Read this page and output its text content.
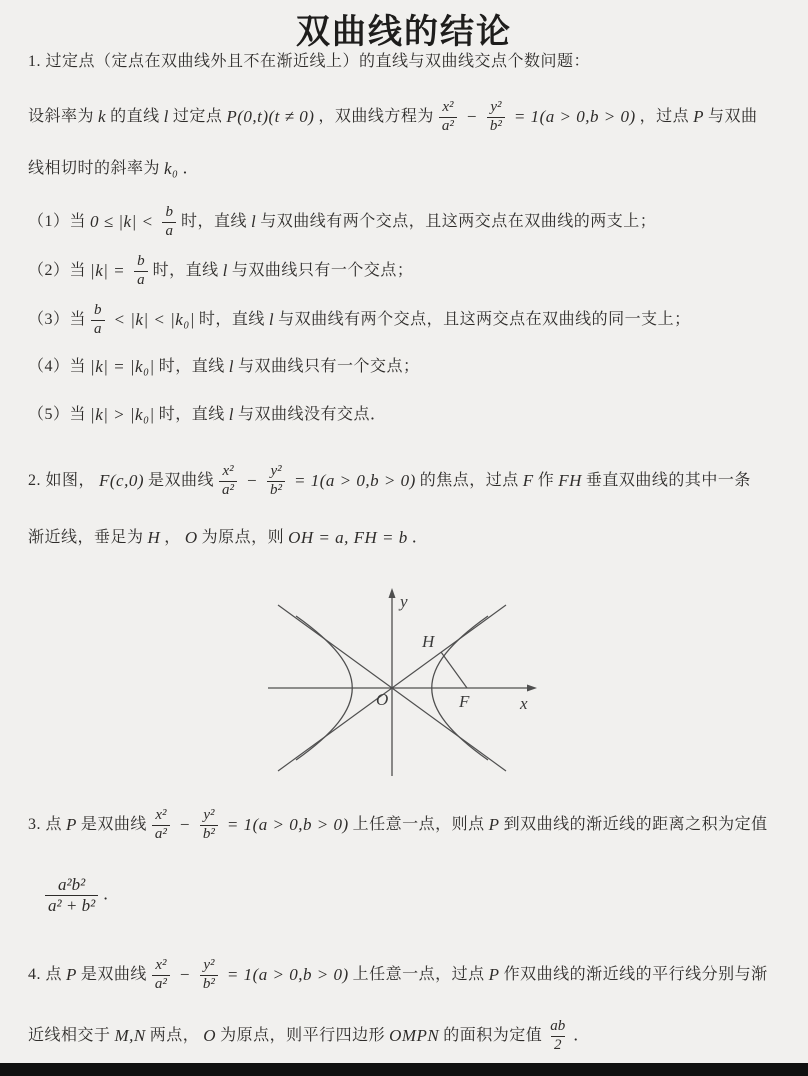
双曲线的结论
1. 过定点（定点在双曲线外且不在渐近线上）的直线与双曲线交点个数问题：
设斜率为 k 的直线 l 过定点 P(0,t)(t ≠ 0) ，双曲线方程为 $\frac{\text{x²}}{\text{a²}} - \frac{\text{y²}}{\text{b²}} = 1(a > 0,b > 0)$ ，过点 P 与双曲
线相切时的斜率为 k₀ ．
（1）当 $0 \le |k| < \frac{b}{a}$ 时，直线 l 与双曲线有两个交点，且这两交点在双曲线的两支上；
（2）当 $|k| = \frac{b}{a}$ 时，直线 l 与双曲线只有一个交点；
（3）当 $\frac{b}{a} < |k| < |k_0|$ 时，直线 l 与双曲线有两个交点，且这两交点在双曲线的同一支上；
（4）当 |k| = |k₀| 时，直线 l 与双曲线只有一个交点；
（5）当 |k| > |k₀| 时，直线 l 与双曲线没有交点．
2. 如图， F(c,0) 是双曲线 $\frac{\text{x²}}{\text{a²}} - \frac{\text{y²}}{\text{b²}} = 1(a > 0,b > 0)$ 的焦点，过点 F 作 FH 垂直双曲线的其中一条
渐近线，垂足为 H ， O 为原点，则 OH = a, FH = b ．
y
x
O	F
H
3. 点 P 是双曲线 $\frac{\text{x²}}{\text{a²}} - \frac{\text{y²}}{\text{b²}} = 1(a > 0,b > 0)$ 上任意一点，则点 P 到双曲线的渐近线的距离之积为定值
$\frac{\text{a²b²}}{\text{a² + b²}}$ ．
4. 点 P 是双曲线 $\frac{\text{x²}}{\text{a²}} - \frac{\text{y²}}{\text{b²}} = 1(a > 0,b > 0)$ 上任意一点，过点 P 作双曲线的渐近线的平行线分别与渐
近线相交于 M,N 两点， O 为原点，则平行四边形 OMPN 的面积为定值 $\frac{ab}{2}$ ．
